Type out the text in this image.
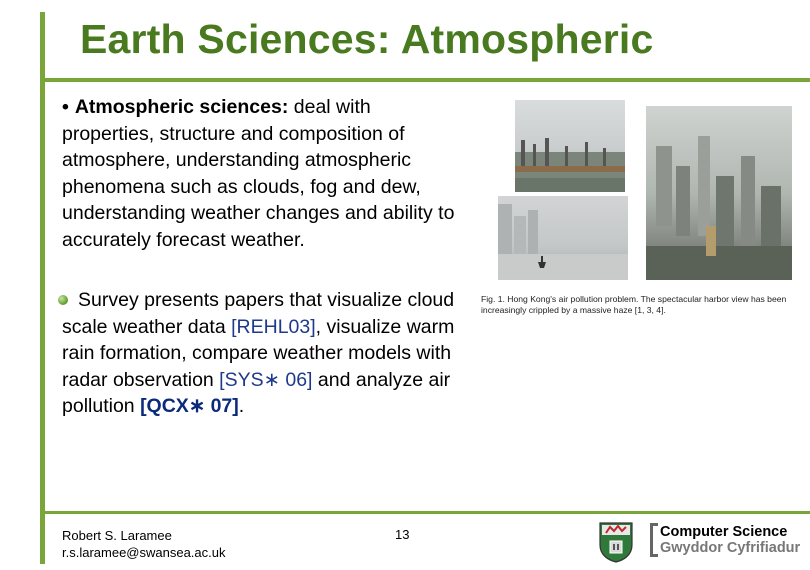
Earth Sciences: Atmospheric
• Atmospheric sciences: deal with properties, structure and composition of atmosphere, understanding atmospheric phenomena such as clouds, fog and dew, understanding weather changes and ability to accurately forecast weather.
Survey presents papers that visualize cloud scale weather data [REHL03], visualize warm rain formation, compare weather models with radar observation [SYS∗ 06] and analyze air pollution [QCX∗ 07].

Fig. 1. Hong Kong's air pollution problem. The spectacular harbor view has been increasingly crippled by a massive haze [1, 3, 4].

Robert S. Laramee
r.s.laramee@swansea.ac.uk
13	Computer Science
Gwyddor Cyfrifiadur
